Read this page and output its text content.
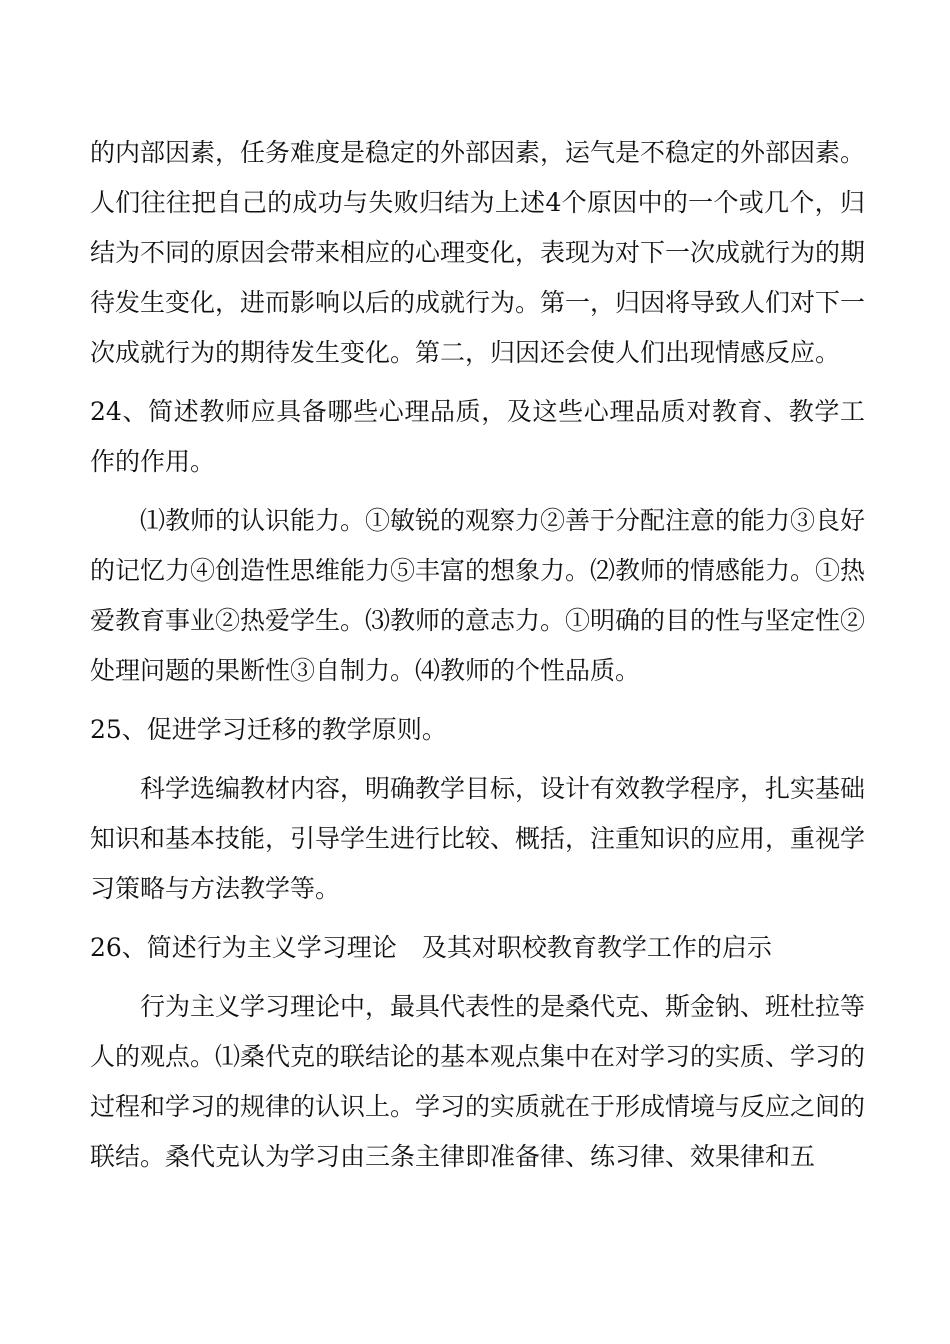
的内部因素，任务难度是稳定的外部因素，运气是不稳定的外部因素。人们往往把自己的成功与失败归结为上述4个原因中的一个或几个，归结为不同的原因会带来相应的心理变化，表现为对下一次成就行为的期待发生变化，进而影响以后的成就行为。第一，归因将导致人们对下一次成就行为的期待发生变化。第二，归因还会使人们出现情感反应。

24、简述教师应具备哪些心理品质，及这些心理品质对教育、教学工作的作用。

⑴教师的认识能力。①敏锐的观察力②善于分配注意的能力③良好的记忆力④创造性思维能力⑤丰富的想象力。⑵教师的情感能力。①热爱教育事业②热爱学生。⑶教师的意志力。①明确的目的性与坚定性②处理问题的果断性③自制力。⑷教师的个性品质。

25、促进学习迁移的教学原则。

科学选编教材内容，明确教学目标，设计有效教学程序，扎实基础知识和基本技能，引导学生进行比较、概括，注重知识的应用，重视学习策略与方法教学等。

26、简述行为主义学习理论　及其对职校教育教学工作的启示

行为主义学习理论中，最具代表性的是桑代克、斯金钠、班杜拉等人的观点。⑴桑代克的联结论的基本观点集中在对学习的实质、学习的过程和学习的规律的认识上。学习的实质就在于形成情境与反应之间的联结。桑代克认为学习由三条主律即准备律、练习律、效果律和五
